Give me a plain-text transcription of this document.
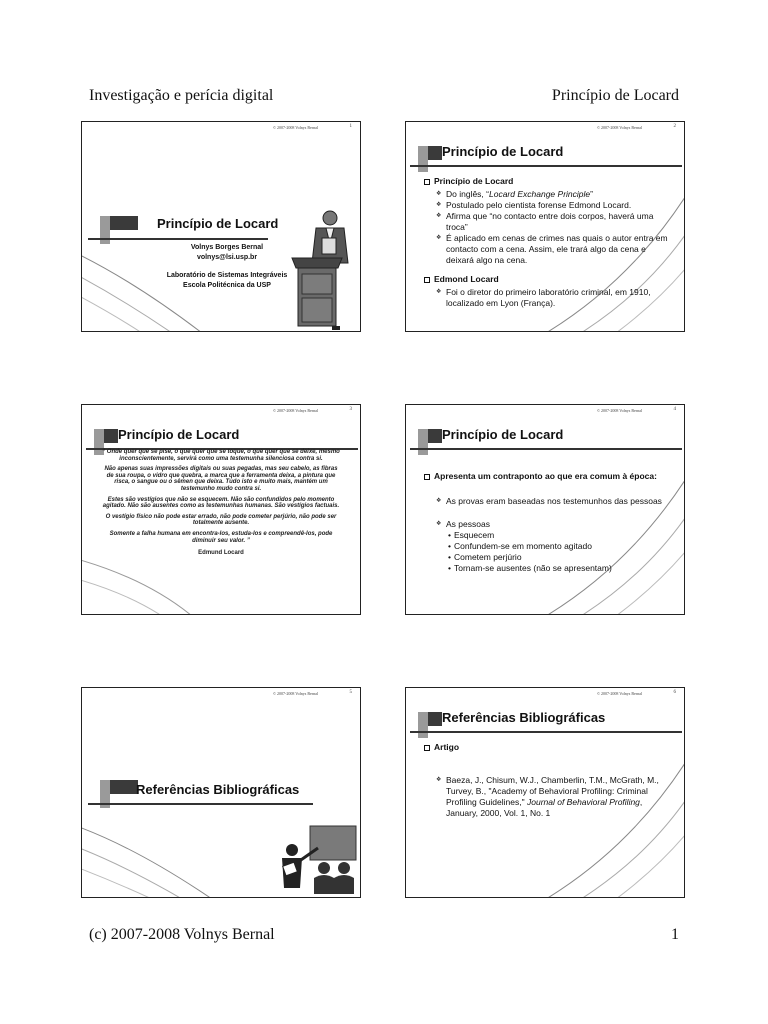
Investigação e perícia digital	Princípio de Locard
© 2007-2008 Volnys Bernal	1
Princípio de Locard
Volnys Borges Bernal
volnys@lsi.usp.br
Laboratório de Sistemas Integráveis
Escola Politécnica da USP
© 2007-2008 Volnys Bernal	2
Princípio de Locard
Princípio de Locard
❖ Do inglês, “Locard Exchange Principle”
❖ Postulado pelo cientista forense Edmond Locard.
❖ Afirma que “no contacto entre dois corpos, haverá uma troca”
❖ É aplicado em cenas de crimes nas quais o autor entra em contacto com a cena. Assim, ele trará algo da cena e deixará algo na cena.
Edmond Locard
❖ Foi o diretor do primeiro laboratório criminal, em 1910, localizado em Lyon (França).
© 2007-2008 Volnys Bernal	3
Princípio de Locard

“ Onde quer que se pise, o que quer que se toque, o que quer que se deixe, mesmo inconscientemente, servirá como uma testemunha silenciosa contra si.

Não apenas suas impressões digitais ou suas pegadas, mas seu cabelo, as fibras de sua roupa, o vidro que quebra, a marca que a ferramenta deixa, a pintura que risca, o sangue ou o sêmen que deixa. Tudo isto e muito mais, mantém um testemunho mudo contra si.

Estes são vestígios que não se esquecem. Não são confundidos pelo momento agitado. Não são ausentes como as testemunhas humanas. São vestígios factuais.

O vestígio físico não pode estar errado, não pode cometer perjúrio, não pode ser totalmente ausente.

Somente a falha humana em encontra-los, estuda-los e compreendê-los, pode diminuir seu valor. ”

Edmund Locard

© 2007-2008 Volnys Bernal	4
Princípio de Locard
Apresenta um contraponto ao que era comum à época:
❖ As provas eram baseadas nos testemunhos das pessoas
❖ As pessoas
• Esquecem
• Confundem-se em momento agitado
• Cometem perjúrio
• Tornam-se ausentes (não se apresentam)
© 2007-2008 Volnys Bernal	5
Referências Bibliográficas
© 2007-2008 Volnys Bernal	6
Referências Bibliográficas
Artigo
❖ Baeza, J., Chisum, W.J., Chamberlin, T.M., McGrath, M., Turvey, B., "Academy of Behavioral Profiling: Criminal Profiling Guidelines," Journal of Behavioral Profiling, January, 2000, Vol. 1, No. 1
(c) 2007-2008 Volnys Bernal	1
